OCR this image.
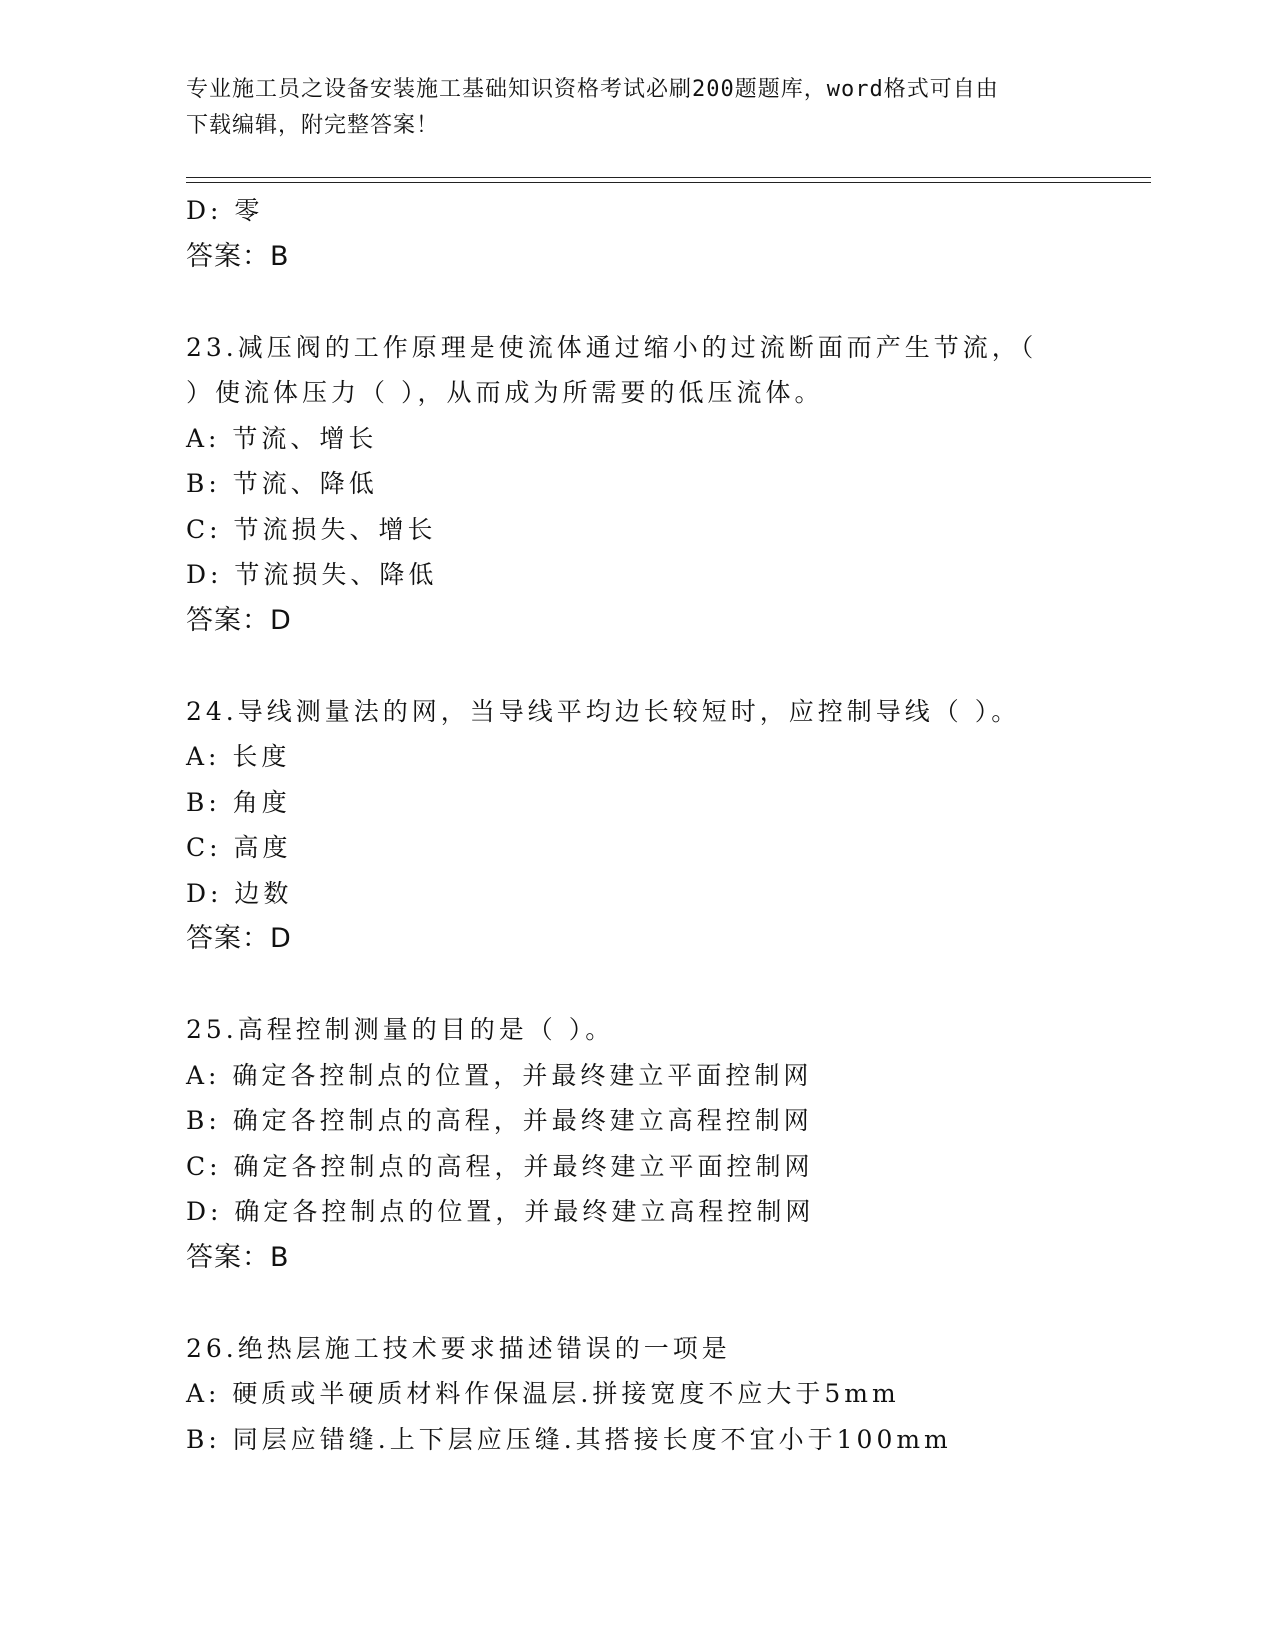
专业施工员之设备安装施工基础知识资格考试必刷200题题库，word格式可自由
下载编辑，附完整答案！
D: 零
答案：B
23.减压阀的工作原理是使流体通过缩小的过流断面而产生节流，（
）使流体压力（ ），从而成为所需要的低压流体。
A: 节流、增长
B: 节流、降低
C: 节流损失、增长
D: 节流损失、降低
答案：D
24.导线测量法的网，当导线平均边长较短时，应控制导线（ ）。
A: 长度
B: 角度
C: 高度
D: 边数
答案：D
25.高程控制测量的目的是（ ）。
A: 确定各控制点的位置，并最终建立平面控制网
B: 确定各控制点的高程，并最终建立高程控制网
C: 确定各控制点的高程，并最终建立平面控制网
D: 确定各控制点的位置，并最终建立高程控制网
答案：B
26.绝热层施工技术要求描述错误的一项是
A: 硬质或半硬质材料作保温层.拼接宽度不应大于5mm
B: 同层应错缝.上下层应压缝.其搭接长度不宜小于100mm
